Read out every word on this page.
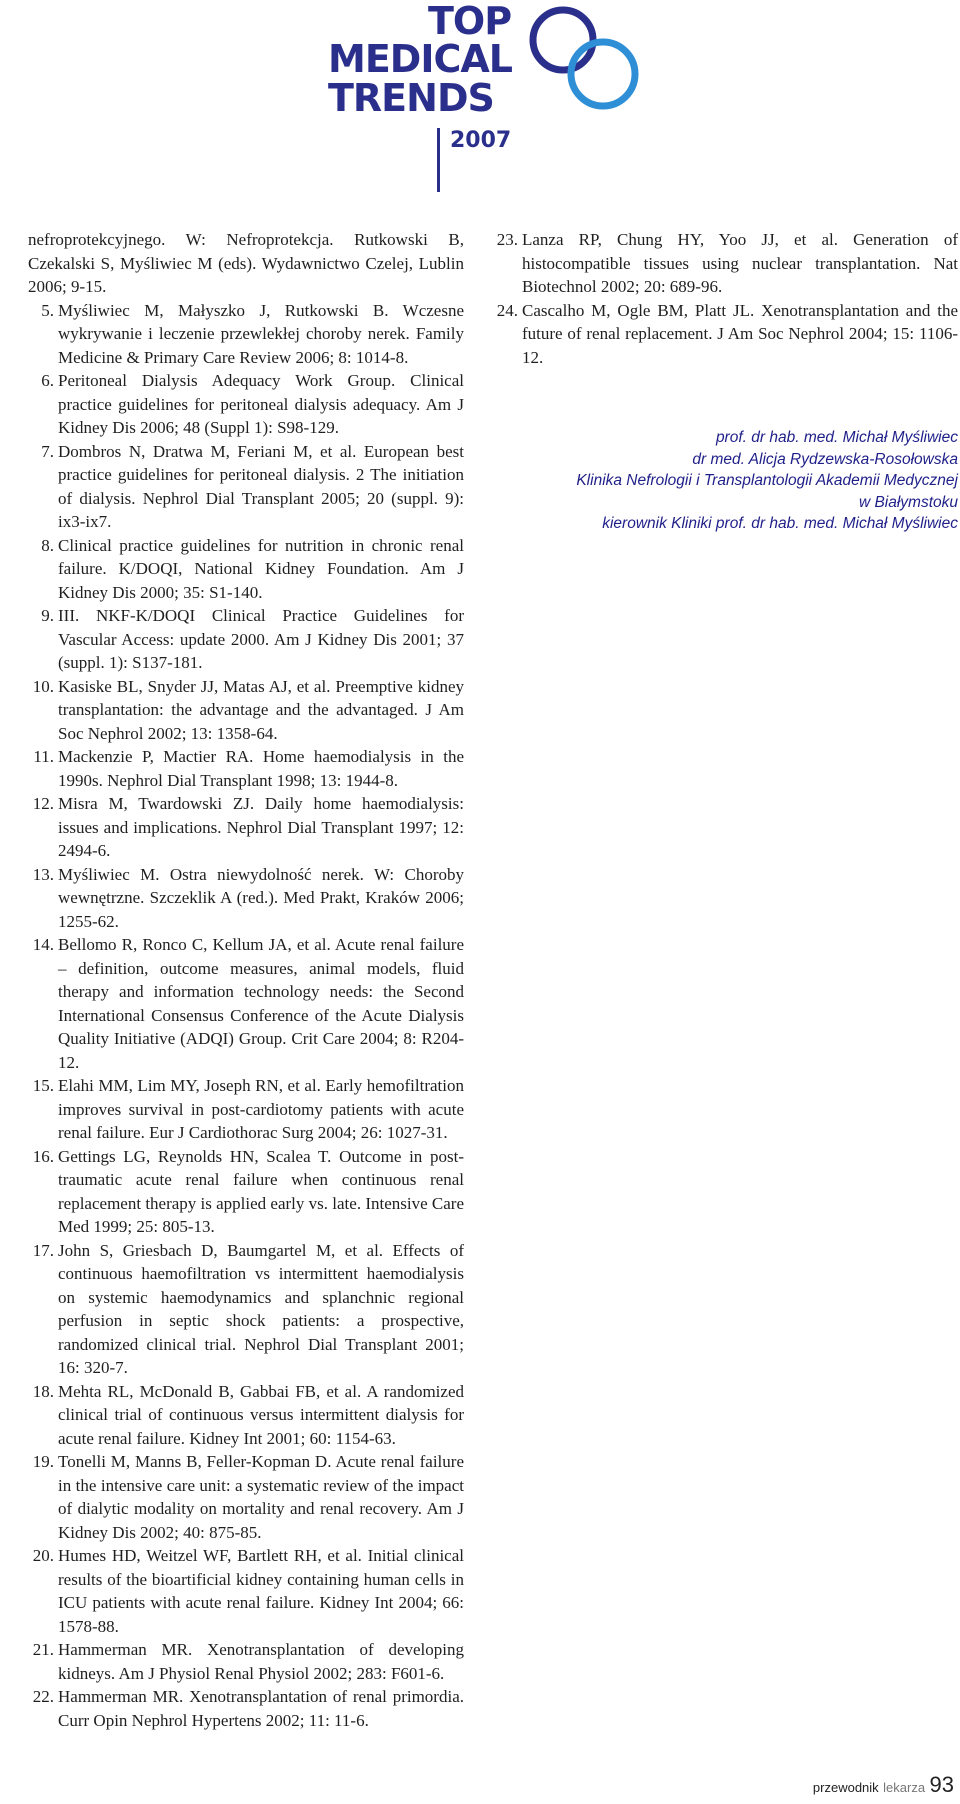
TOP
MEDICAL
TRENDS
2007
nefroprotekcyjnego. W: Nefroprotekcja. Rutkowski B, Czekalski S, Myśliwiec M (eds). Wydawnictwo Czelej, Lublin 2006; 9-15.
5. Myśliwiec M, Małyszko J, Rutkowski B. Wczesne wykrywanie i leczenie przewlekłej choroby nerek. Family Medicine & Primary Care Review 2006; 8: 1014-8.
6. Peritoneal Dialysis Adequacy Work Group. Clinical practice guidelines for peritoneal dialysis adequacy. Am J Kidney Dis 2006; 48 (Suppl 1): S98-129.
7. Dombros N, Dratwa M, Feriani M, et al. European best practice guidelines for peritoneal dialysis. 2 The initiation of dialysis. Nephrol Dial Transplant 2005; 20 (suppl. 9): ix3-ix7.
8. Clinical practice guidelines for nutrition in chronic renal failure. K/DOQI, National Kidney Foundation. Am J Kidney Dis 2000; 35: S1-140.
9. III. NKF-K/DOQI Clinical Practice Guidelines for Vascular Access: update 2000. Am J Kidney Dis 2001; 37 (suppl. 1): S137-181.
10. Kasiske BL, Snyder JJ, Matas AJ, et al. Preemptive kidney transplantation: the advantage and the advantaged. J Am Soc Nephrol 2002; 13: 1358-64.
11. Mackenzie P, Mactier RA. Home haemodialysis in the 1990s. Nephrol Dial Transplant 1998; 13: 1944-8.
12. Misra M, Twardowski ZJ. Daily home haemodialysis: issues and implications. Nephrol Dial Transplant 1997; 12: 2494-6.
13. Myśliwiec M. Ostra niewydolność nerek. W: Choroby wewnętrzne. Szczeklik A (red.). Med Prakt, Kraków 2006; 1255-62.
14. Bellomo R, Ronco C, Kellum JA, et al. Acute renal failure – definition, outcome measures, animal models, fluid therapy and information technology needs: the Second International Consensus Conference of the Acute Dialysis Quality Initiative (ADQI) Group. Crit Care 2004; 8: R204-12.
15. Elahi MM, Lim MY, Joseph RN, et al. Early hemofiltration improves survival in post-cardiotomy patients with acute renal failure. Eur J Cardiothorac Surg 2004; 26: 1027-31.
16. Gettings LG, Reynolds HN, Scalea T. Outcome in post-traumatic acute renal failure when continuous renal replacement therapy is applied early vs. late. Intensive Care Med 1999; 25: 805-13.
17. John S, Griesbach D, Baumgartel M, et al. Effects of continuous haemofiltration vs intermittent haemodialysis on systemic haemodynamics and splanchnic regional perfusion in septic shock patients: a prospective, randomized clinical trial. Nephrol Dial Transplant 2001; 16: 320-7.
18. Mehta RL, McDonald B, Gabbai FB, et al. A randomized clinical trial of continuous versus intermittent dialysis for acute renal failure. Kidney Int 2001; 60: 1154-63.
19. Tonelli M, Manns B, Feller-Kopman D. Acute renal failure in the intensive care unit: a systematic review of the impact of dialytic modality on mortality and renal recovery. Am J Kidney Dis 2002; 40: 875-85.
20. Humes HD, Weitzel WF, Bartlett RH, et al. Initial clinical results of the bioartificial kidney containing human cells in ICU patients with acute renal failure. Kidney Int 2004; 66: 1578-88.
21. Hammerman MR. Xenotransplantation of developing kidneys. Am J Physiol Renal Physiol 2002; 283: F601-6.
22. Hammerman MR. Xenotransplantation of renal primordia. Curr Opin Nephrol Hypertens 2002; 11: 11-6.
23. Lanza RP, Chung HY, Yoo JJ, et al. Generation of histocompatible tissues using nuclear transplantation. Nat Biotechnol 2002; 20: 689-96.
24. Cascalho M, Ogle BM, Platt JL. Xenotransplantation and the future of renal replacement. J Am Soc Nephrol 2004; 15: 1106-12.
prof. dr hab. med. Michał Myśliwiec
dr med. Alicja Rydzewska-Rosołowska
Klinika Nefrologii i Transplantologii Akademii Medycznej
w Białymstoku
kierownik Kliniki prof. dr hab. med. Michał Myśliwiec
przewodnik lekarza 93
